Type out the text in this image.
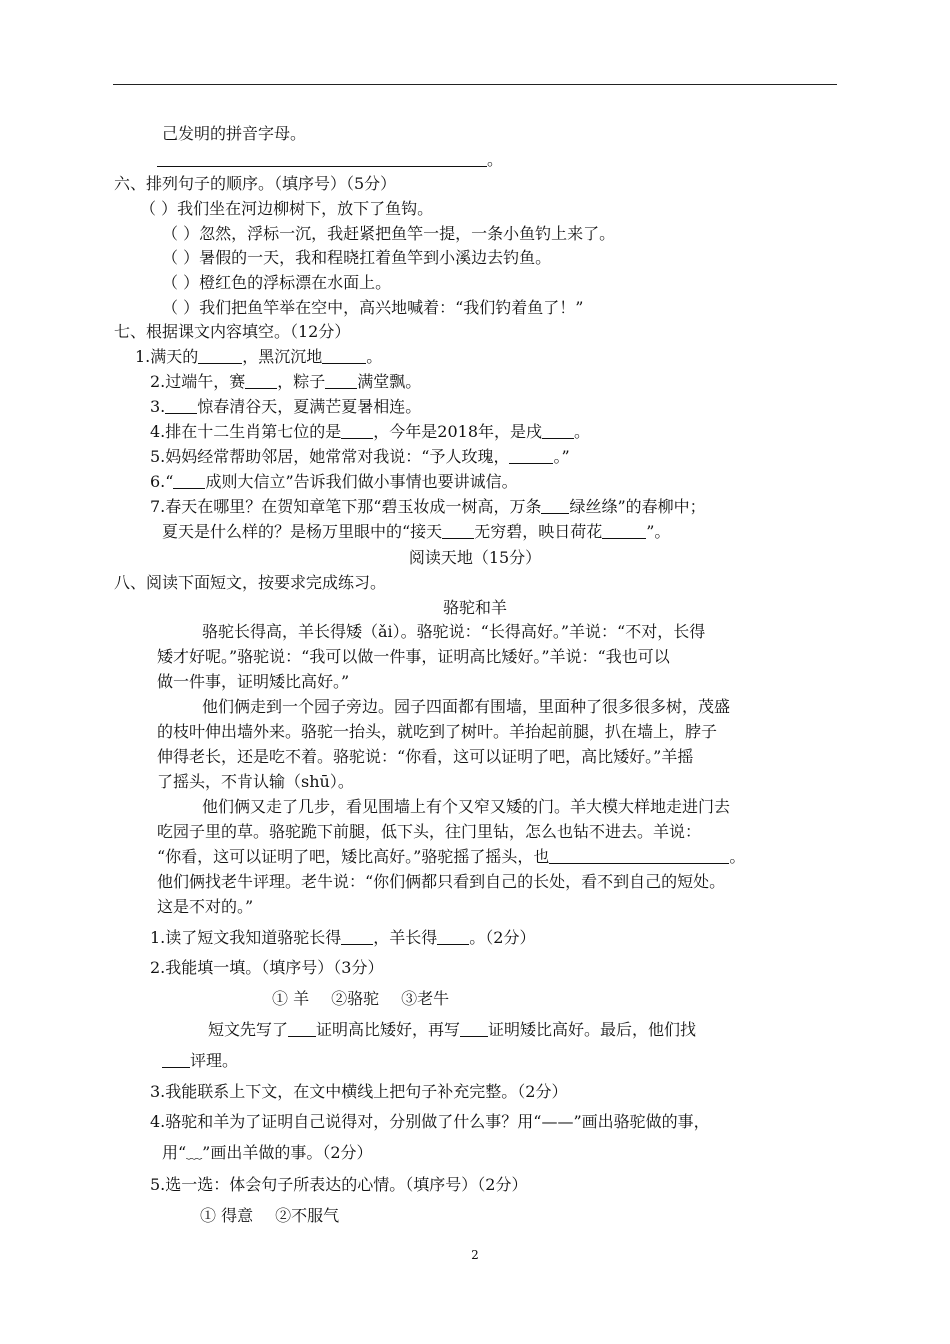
己发明的拼音字母。
。
六、排列句子的顺序。（填序号）（5分）
（ ）我们坐在河边柳树下，放下了鱼钩。
（ ）忽然，浮标一沉，我赶紧把鱼竿一提，一条小鱼钓上来了。
（ ）暑假的一天，我和程晓扛着鱼竿到小溪边去钓鱼。
（ ）橙红色的浮标漂在水面上。
（ ）我们把鱼竿举在空中，高兴地喊着：“我们钓着鱼了！”
七、根据课文内容填空。（12分）
1.满天的	，黑沉沉地	。
2.过端午，赛 ，粽子 满堂飘。
3. 惊春清谷天，夏满芒夏暑相连。
4.排在十二生肖第七位的是 ，今年是2018年，是戌 。
5.妈妈经常帮助邻居，她常常对我说：“予人玫瑰，	。”
6.“ 成则大信立”告诉我们做小事情也要讲诚信。
7.春天在哪里？在贺知章笔下那“碧玉妆成一树高，万条 绿丝绦”的春柳中；
夏天是什么样的？是杨万里眼中的“接天 无穷碧，映日荷花	”。
阅读天地（15分）
八、阅读下面短文，按要求完成练习。
骆驼和羊
骆驼长得高，羊长得矮（ǎi）。骆驼说：“长得高好。”羊说：“不对，长得
矮才好呢。”骆驼说：“我可以做一件事，证明高比矮好。”羊说：“我也可以
做一件事，证明矮比高好。”
他们俩走到一个园子旁边。园子四面都有围墙，里面种了很多很多树，茂盛
的枝叶伸出墙外来。骆驼一抬头，就吃到了树叶。羊抬起前腿，扒在墙上，脖子
伸得老长，还是吃不着。骆驼说：“你看，这可以证明了吧，高比矮好。”羊摇
了摇头，不肯认输（shū）。
他们俩又走了几步，看见围墙上有个又窄又矮的门。羊大模大样地走进门去
吃园子里的草。骆驼跪下前腿，低下头，往门里钻，怎么也钻不进去。羊说：
“你看，这可以证明了吧，矮比高好。”骆驼摇了摇头，也	。
他们俩找老牛评理。老牛说：“你们俩都只看到自己的长处，看不到自己的短处。
这是不对的。”
1.读了短文我知道骆驼长得 ，羊长得 。（2分）
2.我能填一填。（填序号）（3分）
① 羊 ②骆驼 ③老牛
短文先写了 证明高比矮好，再写 证明矮比高好。最后，他们找
评理。
3.我能联系上下文，在文中横线上把句子补充完整。（2分）
4.骆驼和羊为了证明自己说得对，分别做了什么事？用“——”画出骆驼做的事，
用“﹏”画出羊做的事。（2分）
5.选一选：体会句子所表达的心情。（填序号）（2分）
① 得意 ②不服气
2
